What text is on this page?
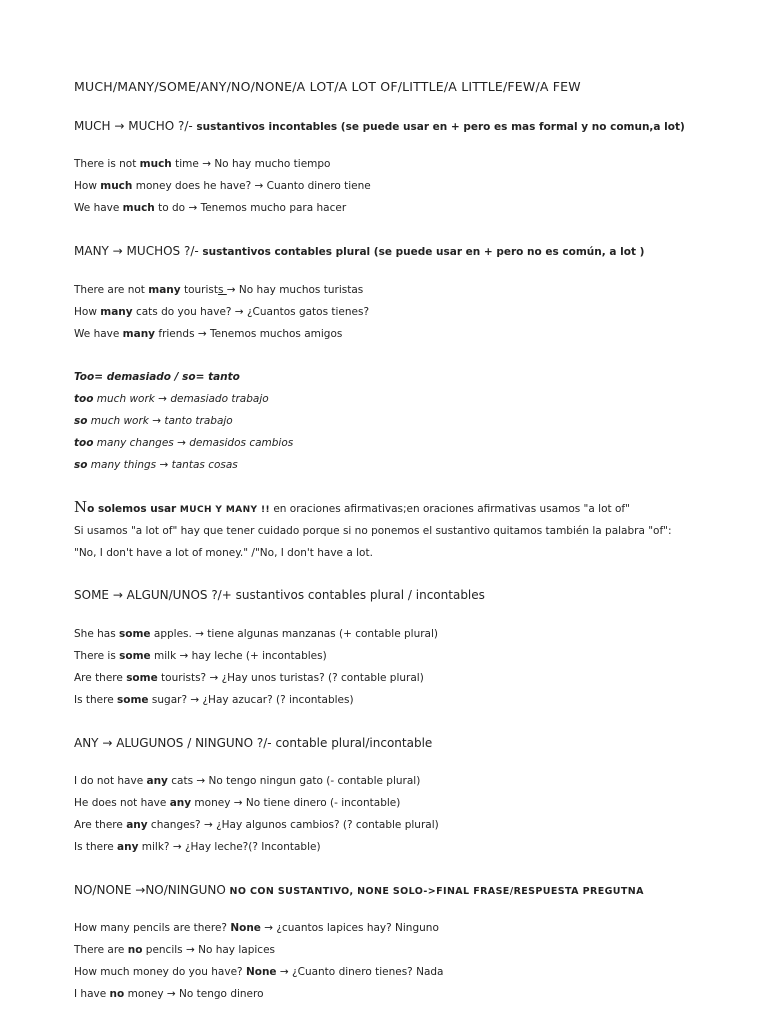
MUCH/MANY/SOME/ANY/NO/NONE/A LOT/A LOT OF/LITTLE/A LITTLE/FEW/A FEW
MUCH → MUCHO ?/- sustantivos incontables (se puede usar en + pero es mas formal y no comun,a lot)
There is not much time → No hay mucho tiempo
How much money does he have? → Cuanto dinero tiene
We have much to do → Tenemos mucho para hacer
MANY → MUCHOS ?/- sustantivos contables plural (se puede usar en + pero no es común, a lot )
There are not many tourists → No hay muchos turistas
How many cats do you have? → ¿Cuantos gatos tienes?
We have many friends → Tenemos muchos amigos
Too= demasiado / so= tanto
too much work → demasiado trabajo
so much work → tanto trabajo
too many changes → demasidos cambios
so many things → tantas cosas
No solemos usar MUCH Y MANY !! en oraciones afirmativas;en oraciones afirmativas usamos "a lot of"
Si usamos "a lot of" hay que tener cuidado porque si no ponemos el sustantivo quitamos también la palabra "of":
"No, I don't have a lot of money." /"No, I don't have a lot.
SOME → ALGUN/UNOS ?/+ sustantivos contables plural / incontables
She has some apples. → tiene algunas manzanas (+ contable plural)
There is some milk → hay leche (+ incontables)
Are there some tourists? → ¿Hay unos turistas? (? contable plural)
Is there some sugar? → ¿Hay azucar? (? incontables)
ANY → ALUGUNOS / NINGUNO ?/- contable plural/incontable
I do not have any cats → No tengo ningun gato (- contable plural)
He does not have any money → No tiene dinero (- incontable)
Are there any changes? → ¿Hay algunos cambios? (? contable plural)
Is there any milk? → ¿Hay leche?(? Incontable)
NO/NONE →NO/NINGUNO NO CON SUSTANTIVO, NONE SOLO->FINAL FRASE/RESPUESTA PREGUTNA
How many pencils are there? None → ¿cuantos lapices hay? Ninguno
There are no pencils → No hay lapices
How much money do you have? None → ¿Cuanto dinero tienes? Nada
I have no money → No tengo dinero
